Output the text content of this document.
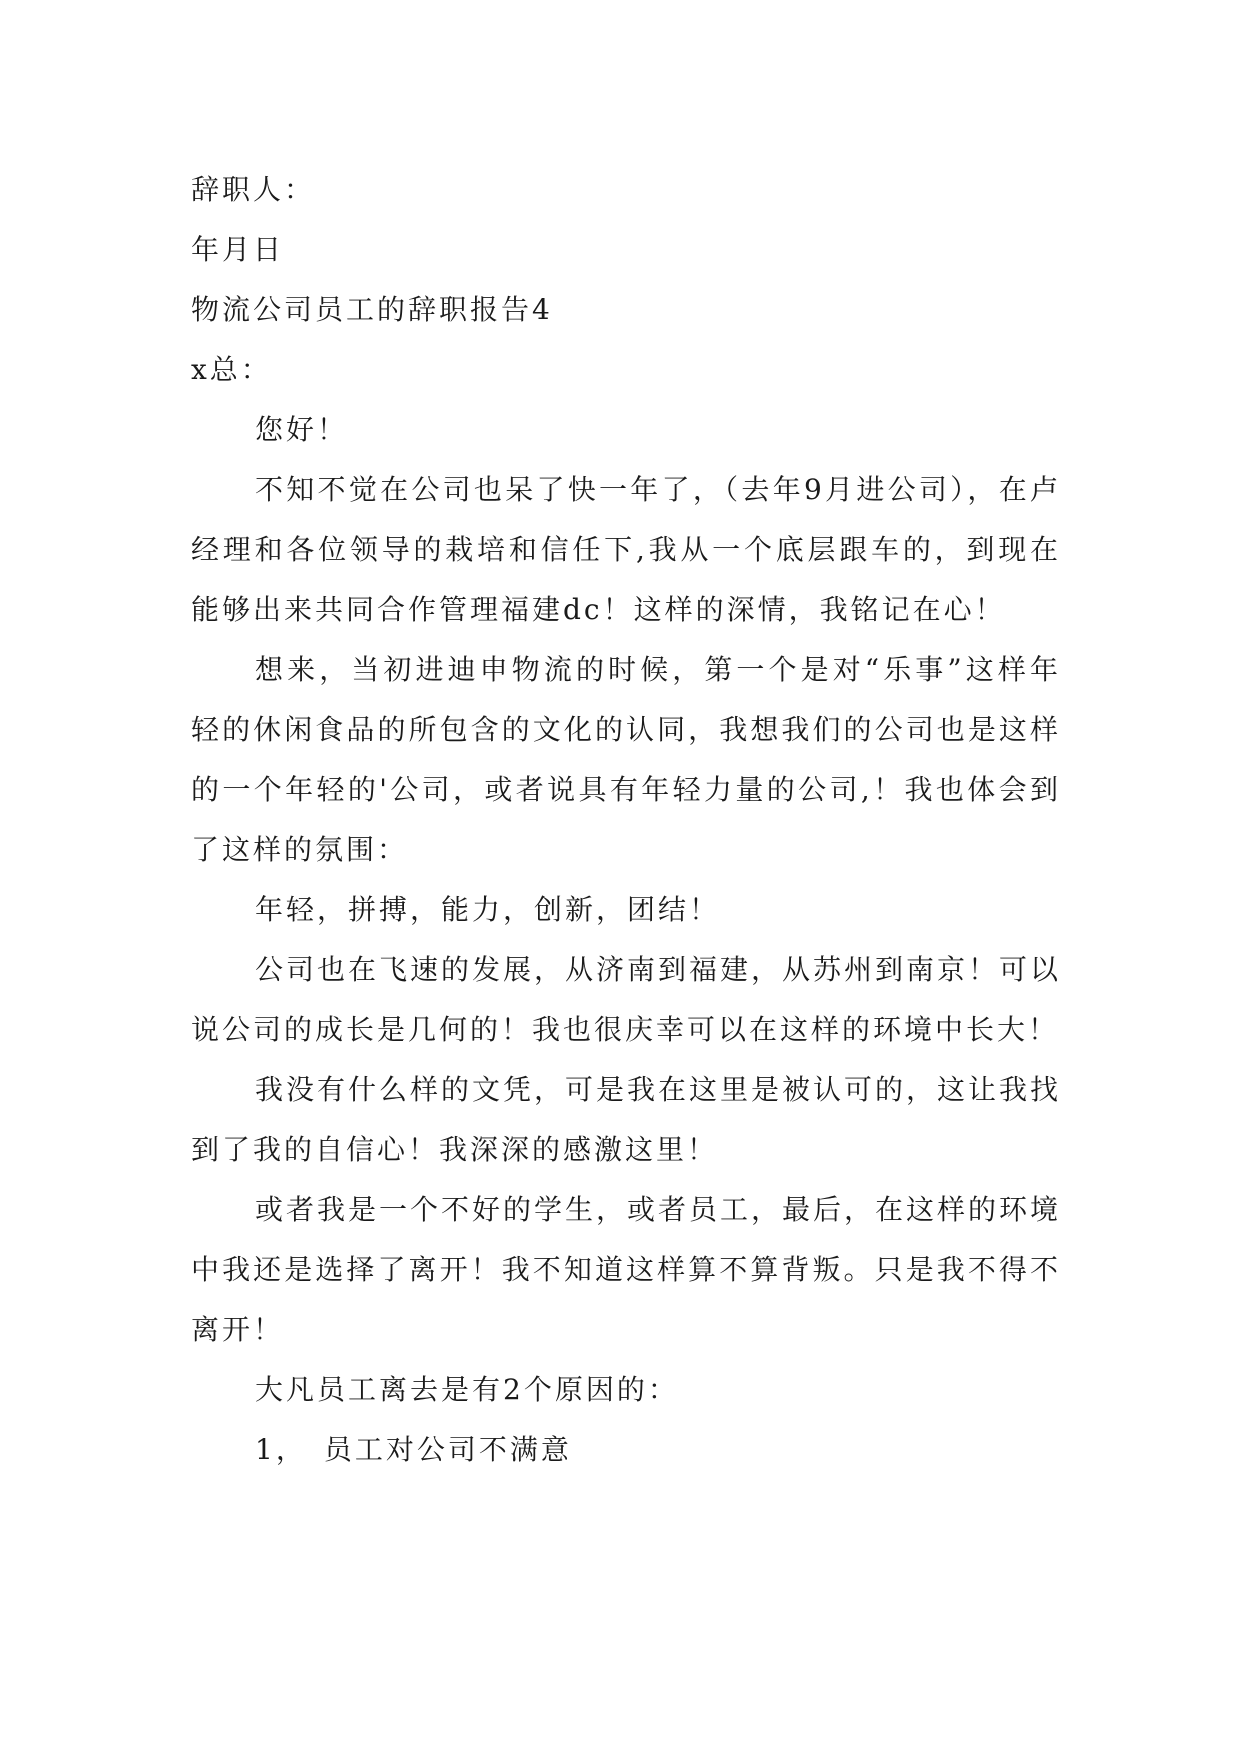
辞职人：

年月日

物流公司员工的辞职报告4

x总：

您好！

不知不觉在公司也呆了快一年了，（去年9月进公司），在卢经理和各位领导的栽培和信任下,我从一个底层跟车的，到现在能够出来共同合作管理福建dc！这样的深情，我铭记在心！

想来，当初进迪申物流的时候，第一个是对“乐事”这样年轻的休闲食品的所包含的文化的认同，我想我们的公司也是这样的一个年轻的'公司，或者说具有年轻力量的公司,！我也体会到了这样的氛围：

年轻，拼搏，能力，创新，团结！

公司也在飞速的发展，从济南到福建，从苏州到南京！可以说公司的成长是几何的！我也很庆幸可以在这样的环境中长大！

我没有什么样的文凭，可是我在这里是被认可的，这让我找到了我的自信心！我深深的感激这里！

或者我是一个不好的学生，或者员工，最后，在这样的环境中我还是选择了离开！我不知道这样算不算背叛。只是我不得不离开！

大凡员工离去是有2个原因的：

1，　员工对公司不满意
